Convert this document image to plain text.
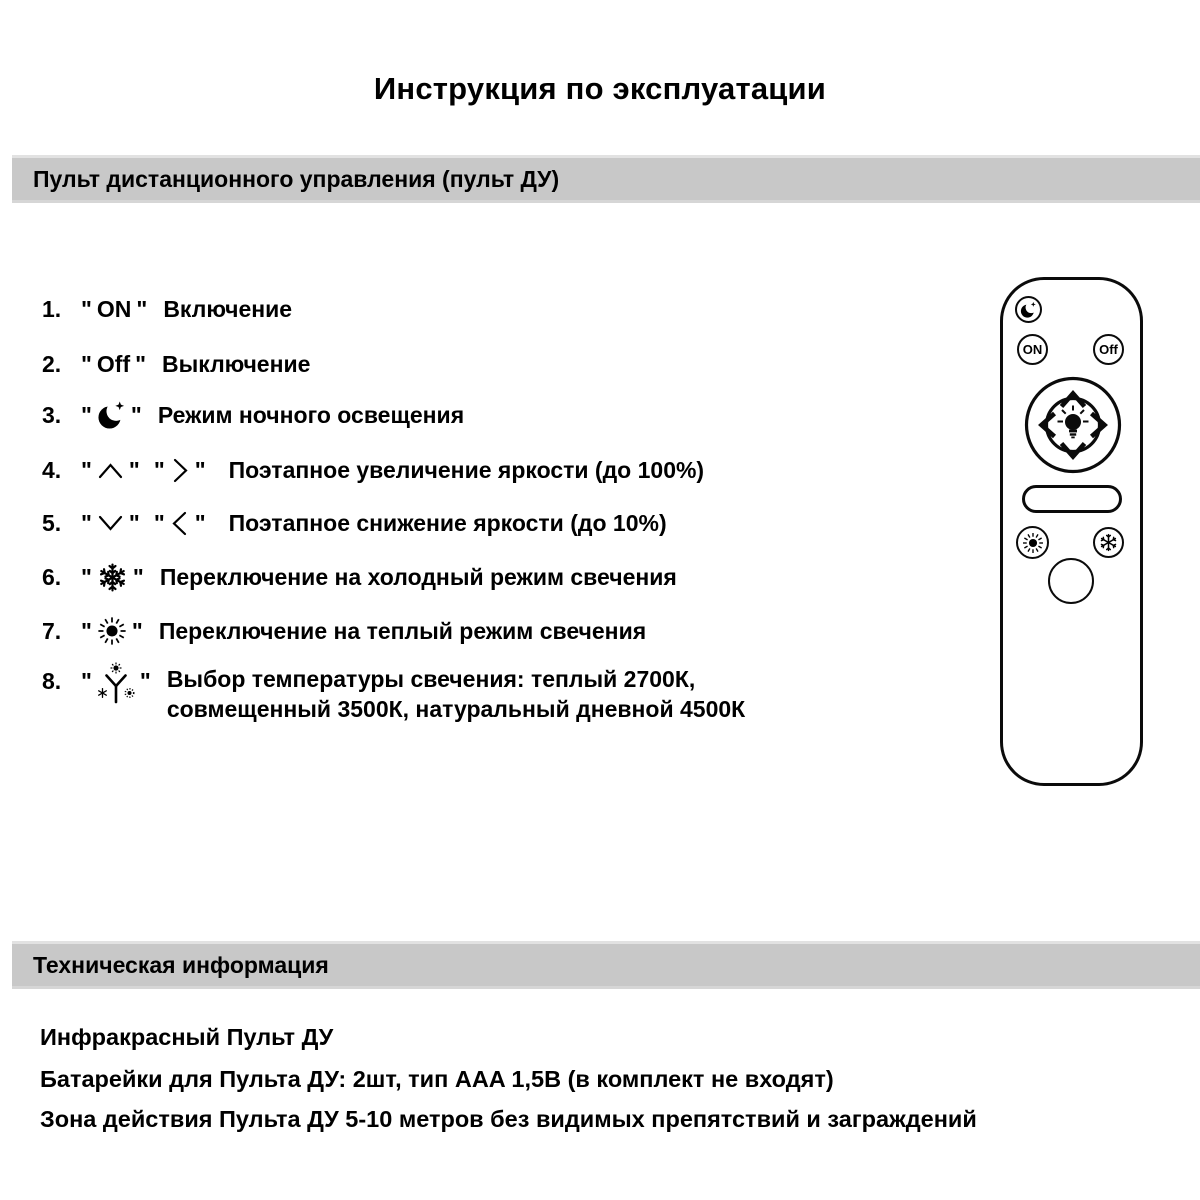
Инструкция по эксплуатации
Пульт дистанционного управления (пульт ДУ)
1. " ON " Включение
2. " Off " Выключение
3. " " Режим ночного освещения
4. " " " " Поэтапное увеличение яркости (до 100%)
5. " " " " Поэтапное снижение яркости (до 10%)
6. " " Переключение на холодный режим свечения
7. " " Переключение на теплый режим свечения
8. " " Выбор температуры свечения: теплый 2700К,
совмещенный 3500К, натуральный дневной 4500К
ON	Off
Техническая информация
Инфракрасный Пульт ДУ
Батарейки для Пульта ДУ: 2шт, тип AAA 1,5В (в комплект не входят)
Зона действия Пульта ДУ 5-10 метров без видимых препятствий и заграждений
